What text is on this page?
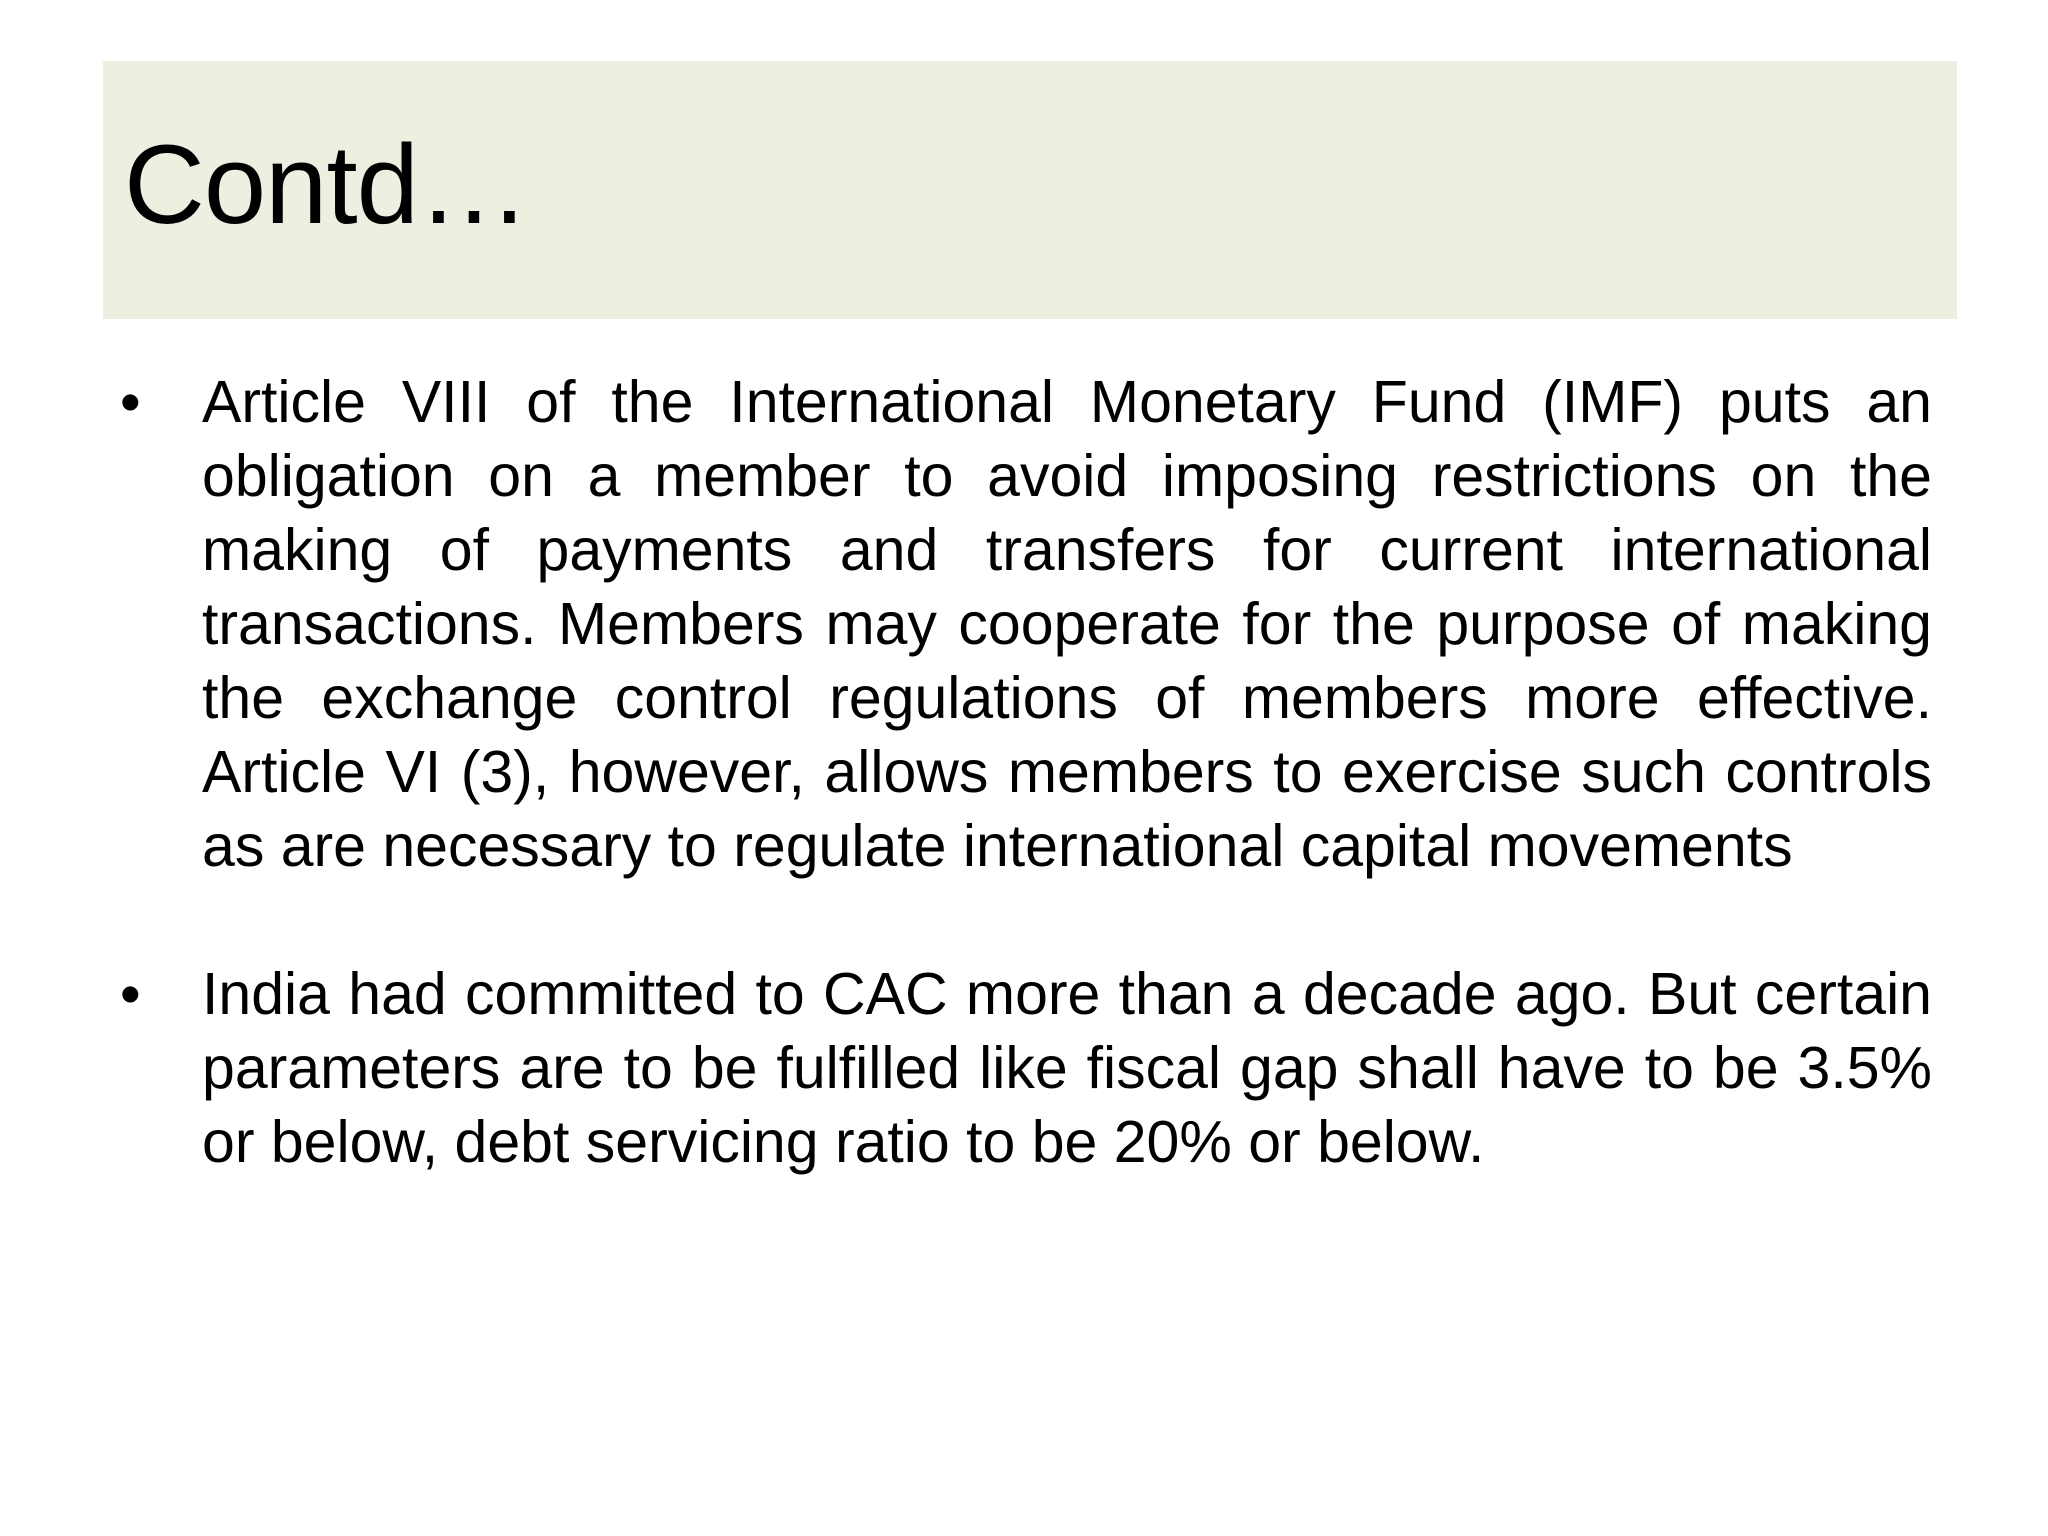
Contd…
• Article VIII of the International Monetary Fund (IMF) puts an obligation on a member to avoid imposing restrictions on the making of payments and transfers for current international transactions. Members may cooperate for the purpose of making the exchange control regulations of members more effective. Article VI (3), however, allows members to exercise such controls as are necessary to regulate international capital movements
• India had committed to CAC more than a decade ago. But certain parameters are to be fulfilled like fiscal gap shall have to be 3.5% or below, debt servicing ratio to be 20% or below.
